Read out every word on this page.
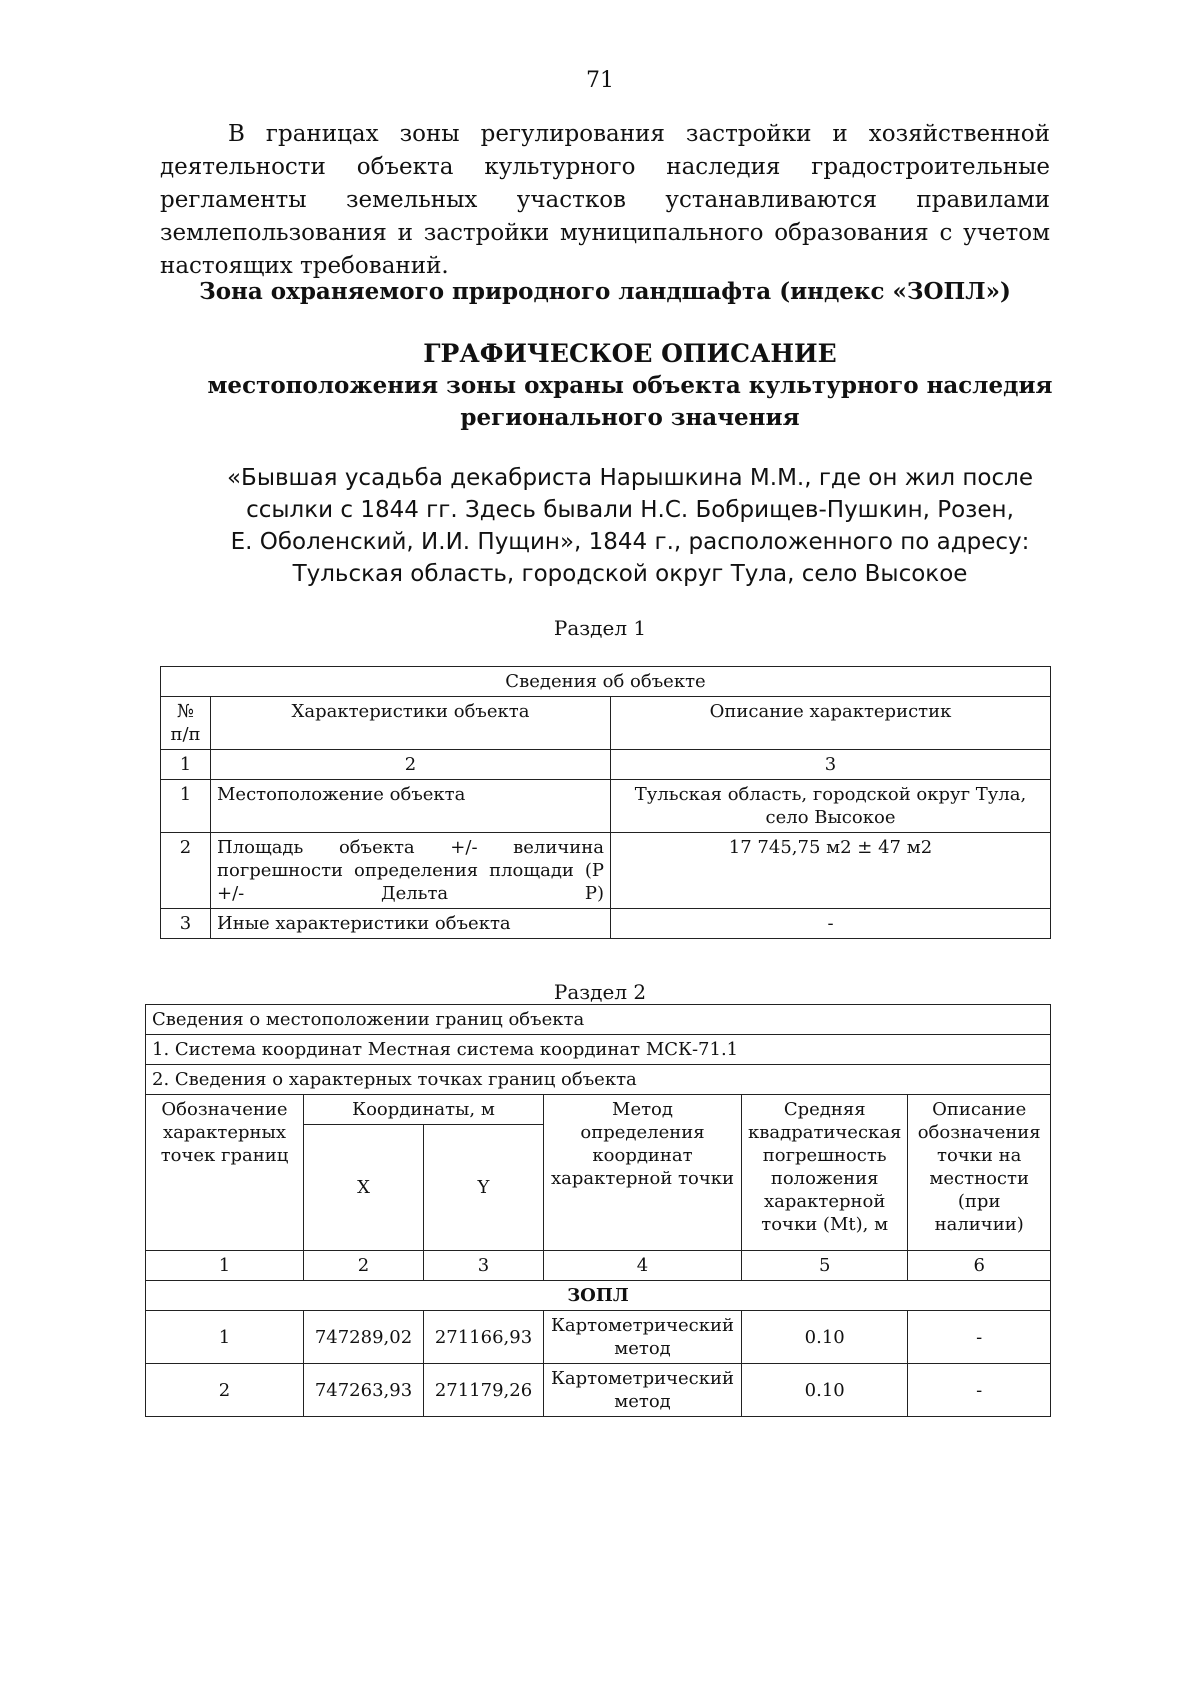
71
В границах зоны регулирования застройки и хозяйственной деятельности объекта культурного наследия градостроительные регламенты земельных участков устанавливаются правилами землепользования и застройки муниципального образования с учетом настоящих требований.
Зона охраняемого природного ландшафта (индекс «ЗОПЛ»)
ГРАФИЧЕСКОЕ ОПИСАНИЕ
местоположения зоны охраны объекта культурного наследия
регионального значения
«Бывшая усадьба декабриста Нарышкина М.М., где он жил после
ссылки с 1844 гг. Здесь бывали Н.С. Бобрищев-Пушкин, Розен,
Е. Оболенский, И.И. Пущин», 1844 г., расположенного по адресу:
Тульская область, городской округ Тула, село Высокое
Раздел 1
Сведения об объекте		
№ п/п	Характеристики объекта	Описание характеристик
1	2	3
1	Местоположение объекта	Тульская область, городской округ Тула, село Высокое
2	Площадь объекта +/- величина погрешности определения площади (Р +/- Дельта Р)	17 745,75 м2 ± 47 м2
3	Иные характеристики объекта	-
Раздел 2
Сведения о местоположении границ объекта					
1. Система координат Местная система координат МСК-71.1					
2. Сведения о характерных точках границ объекта					
Обозначение характерных точек границ	Координаты, м		Метод определения координат характерной точки	Средняя квадратическая погрешность положения характерной точки (Mt), м	Описание обозначения точки на местности (при наличии)
	X	Y			
1	2	3	4	5	6
ЗОПЛ					
1	747289,02	271166,93	Картометрический метод	0.10	-
2	747263,93	271179,26	Картометрический метод	0.10	-
